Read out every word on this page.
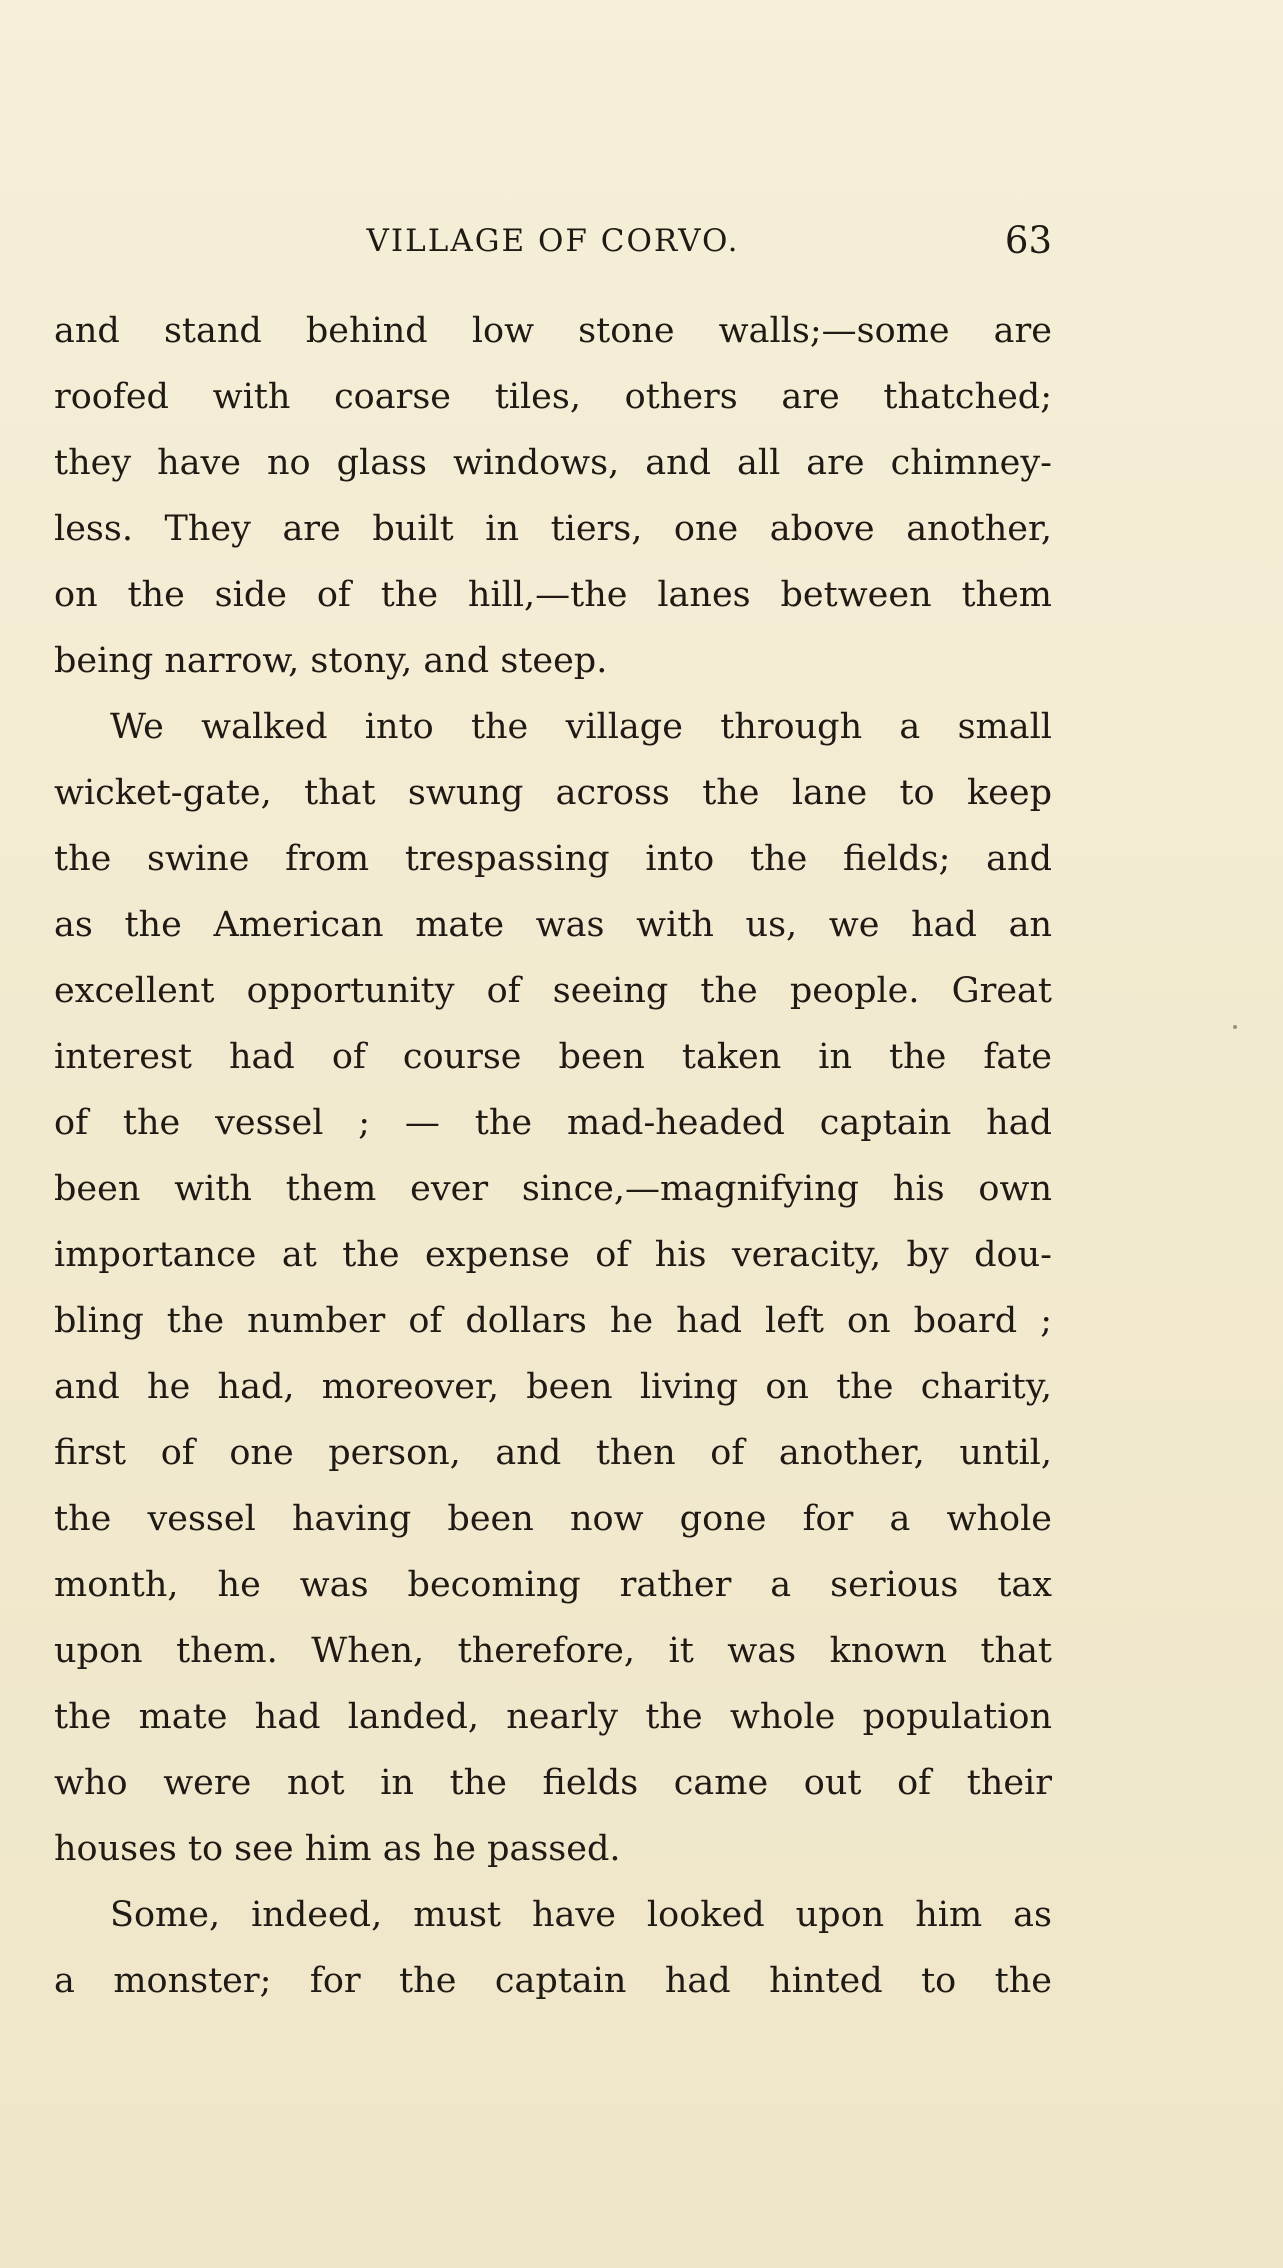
VILLAGE OF CORVO.	63
and stand behind low stone walls;—some are
roofed with coarse tiles, others are thatched;
they have no glass windows, and all are chimney-
less. They are built in tiers, one above another,
on the side of the hill,—the lanes between them
being narrow, stony, and steep.
We walked into the village through a small
wicket-gate, that swung across the lane to keep
the swine from trespassing into the fields; and
as the American mate was with us, we had an
excellent opportunity of seeing the people. Great
interest had of course been taken in the fate
of the vessel ; — the mad-headed captain had
been with them ever since,—magnifying his own
importance at the expense of his veracity, by dou-
bling the number of dollars he had left on board ;
and he had, moreover, been living on the charity,
first of one person, and then of another, until,
the vessel having been now gone for a whole
month, he was becoming rather a serious tax
upon them. When, therefore, it was known that
the mate had landed, nearly the whole population
who were not in the fields came out of their
houses to see him as he passed.
Some, indeed, must have looked upon him as
a monster; for the captain had hinted to the
